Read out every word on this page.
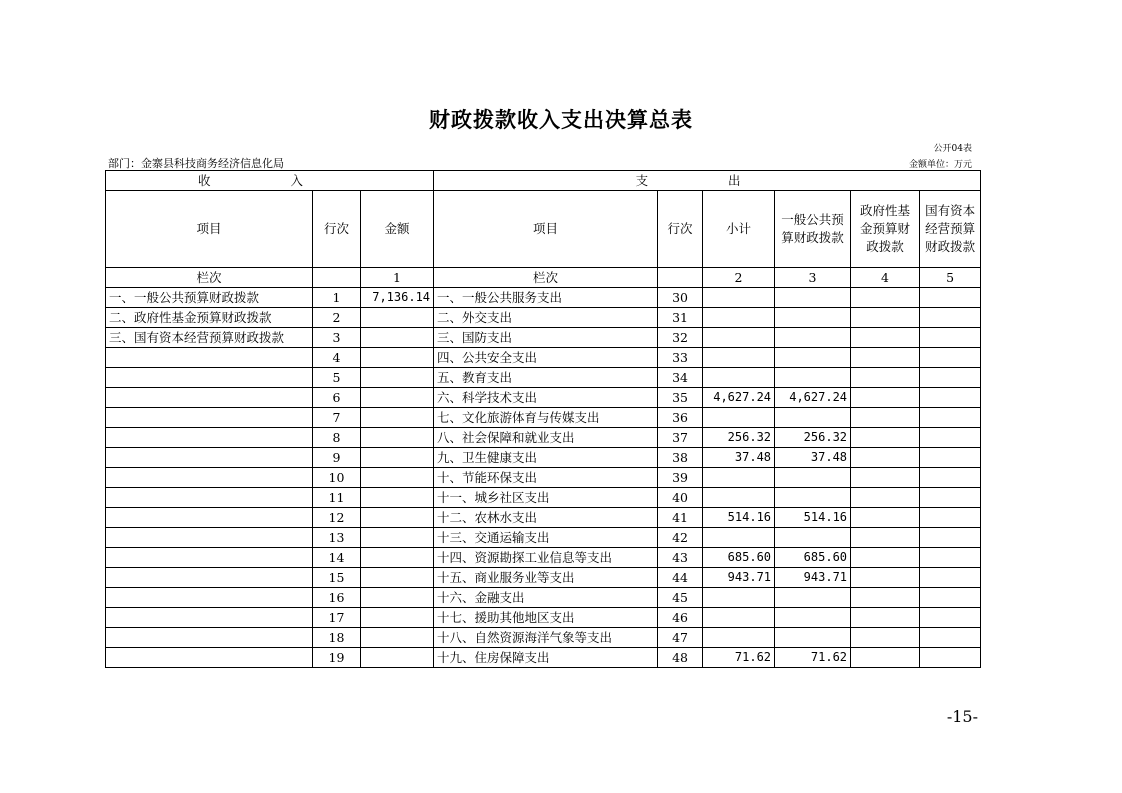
财政拨款收入支出决算总表
公开04表
部门：金寨县科技商务经济信息化局	金额单位：万元
收 入			支 出					
项目	行次	金额	项目	行次	小计	一般公共预算财政拨款	政府性基金预算财政拨款	国有资本经营预算财政拨款
栏次		1	栏次		2	3	4	5
一、一般公共预算财政拨款	1	7,136.14	一、一般公共服务支出	30				
二、政府性基金预算财政拨款	2		二、外交支出	31				
三、国有资本经营预算财政拨款	3		三、国防支出	32				
	4		四、公共安全支出	33				
	5		五、教育支出	34				
	6		六、科学技术支出	35	4,627.24	4,627.24		
	7		七、文化旅游体育与传媒支出	36				
	8		八、社会保障和就业支出	37	256.32	256.32		
	9		九、卫生健康支出	38	37.48	37.48		
	10		十、节能环保支出	39				
	11		十一、城乡社区支出	40				
	12		十二、农林水支出	41	514.16	514.16		
	13		十三、交通运输支出	42				
	14		十四、资源勘探工业信息等支出	43	685.60	685.60		
	15		十五、商业服务业等支出	44	943.71	943.71		
	16		十六、金融支出	45				
	17		十七、援助其他地区支出	46				
	18		十八、自然资源海洋气象等支出	47				
	19		十九、住房保障支出	48	71.62	71.62		
-15-
